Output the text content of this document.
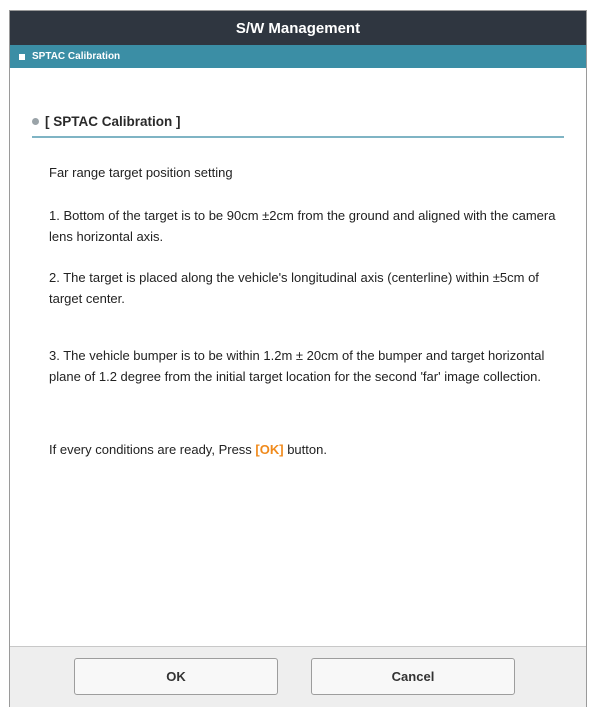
S/W Management
SPTAC Calibration
[ SPTAC Calibration ]
Far range target position setting
1. Bottom of the target is to be 90cm ±2cm from the ground and aligned with the camera lens horizontal axis.
2. The target is placed along the vehicle's longitudinal axis (centerline) within ±5cm of target center.
3. The vehicle bumper is to be within 1.2m ± 20cm of the bumper and target horizontal plane of 1.2 degree from the initial target location for the second 'far' image collection.
If every conditions are ready, Press [OK] button.
OK	Cancel
